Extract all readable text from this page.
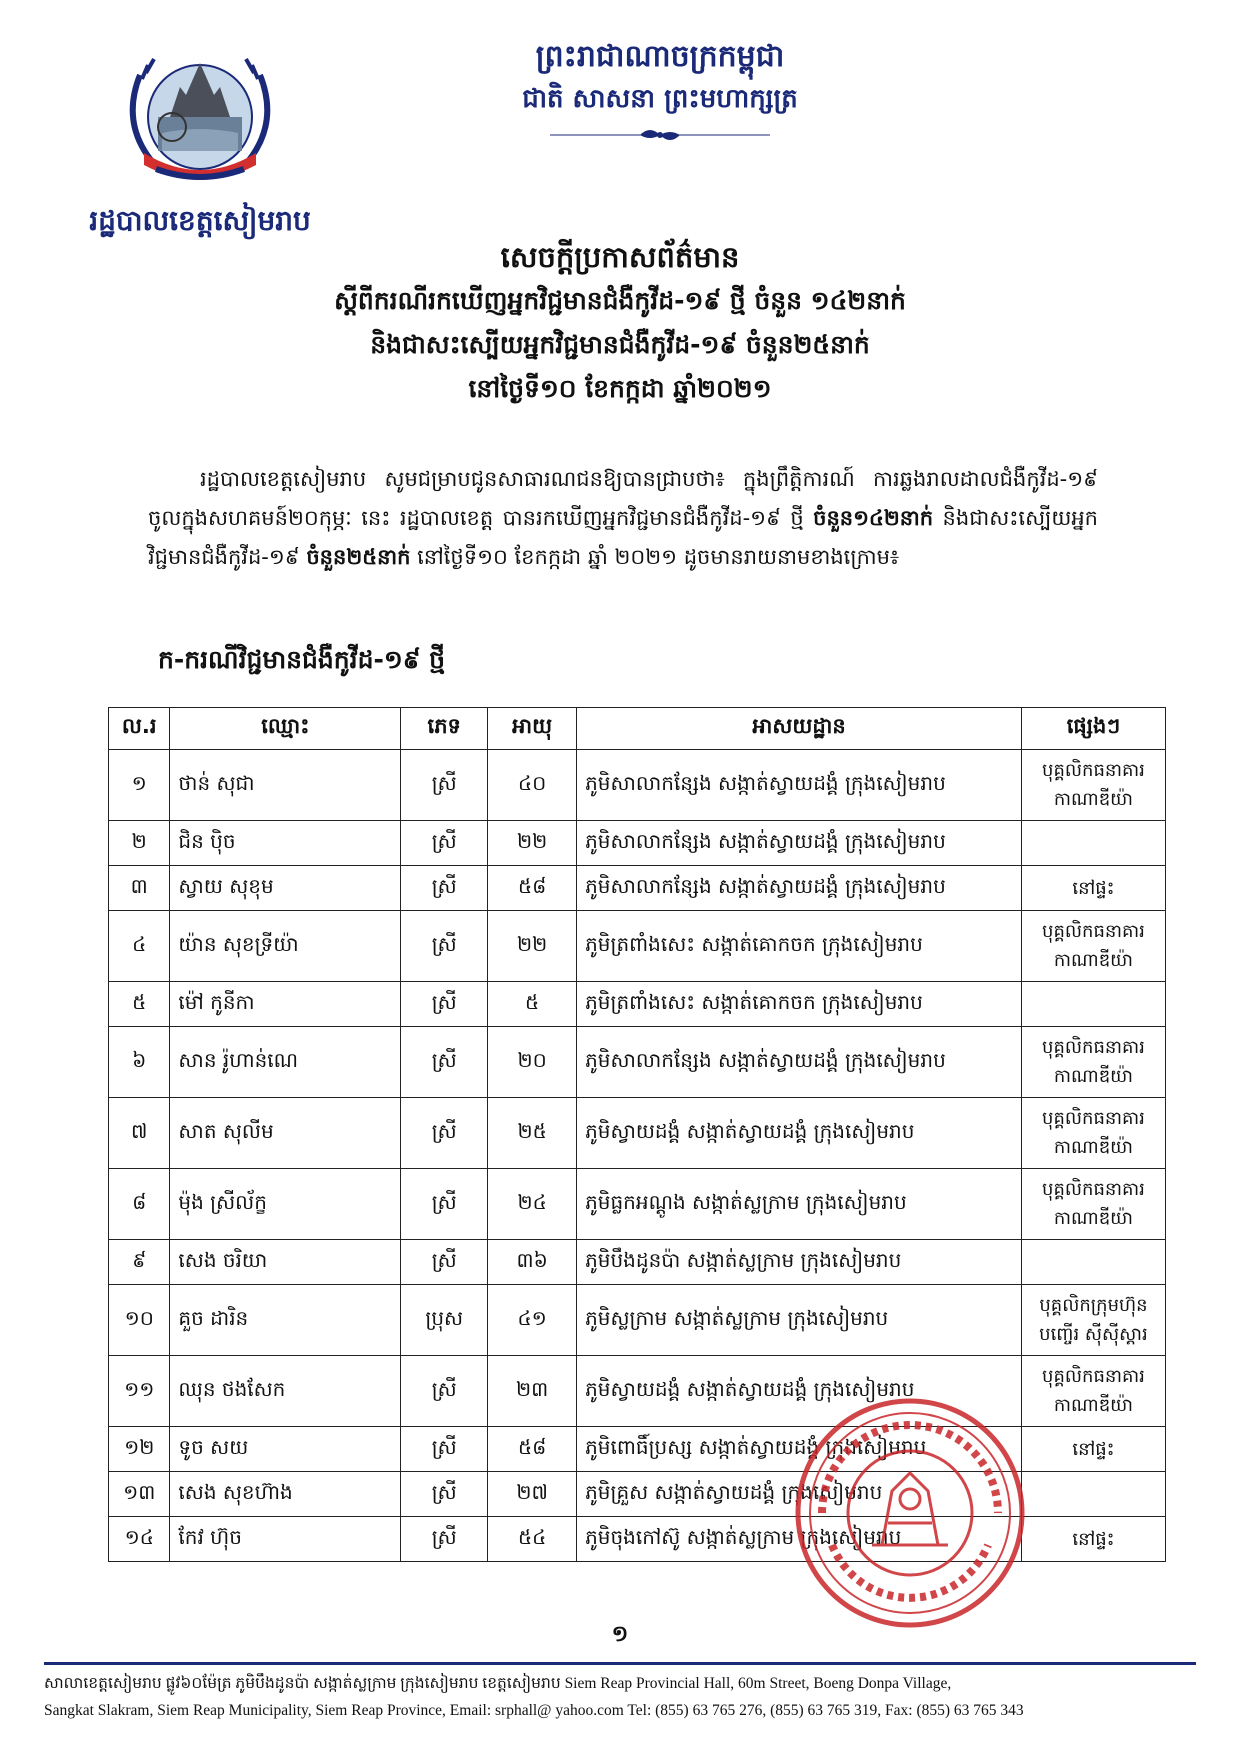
រដ្ឋបាលខេត្តសៀមរាប
ព្រះរាជាណាចក្រកម្ពុជា
ជាតិ សាសនា ព្រះមហាក្សត្រ
សេចក្តីប្រកាសព័ត៌មាន
ស្តីពីករណីរកឃើញអ្នកវិជ្ជមានជំងឺកូវីដ-១៩ ថ្មី ចំនួន ១៤២នាក់
និងជាសះស្បើយអ្នកវិជ្ជមានជំងឺកូវីដ-១៩ ចំនួន២៥នាក់
នៅថ្ងៃទី១០ ខែកក្កដា ឆ្នាំ២០២១
រដ្ឋបាលខេត្តសៀមរាប សូមជម្រាបជូនសាធារណជនឱ្យបានជ្រាបថា៖ ក្នុងព្រឹត្តិការណ៍ ការឆ្លងរាលដាលជំងឺកូវីដ-១៩ ចូលក្នុងសហគមន៍២០កុម្ភៈ នេះ រដ្ឋបាលខេត្ត បានរកឃើញអ្នកវិជ្ជមានជំងឺកូវីដ-១៩ ថ្មី ចំនួន១៤២នាក់ និងជាសះស្បើយអ្នកវិជ្ជមានជំងឺកូវីដ-១៩ ចំនួន២៥នាក់ នៅថ្ងៃទី១០ ខែកក្កដា ឆ្នាំ ២០២១ ដូចមានរាយនាមខាងក្រោម៖
ក-ករណីវិជ្ជមានជំងឺកូវីដ-១៩ ថ្មី
ល.រ	ឈ្មោះ	ភេទ	អាយុ	អាសយដ្ឋាន	ផ្សេងៗ
១	ថាន់ សុជា	ស្រី	៤០	ភូមិសាលាកន្សែង សង្កាត់ស្វាយដង្គំ ក្រុងសៀមរាប	បុគ្គលិកធនាគារ
កាណាឌីយ៉ា

២	ជិន ប៉ិច	ស្រី	២២	ភូមិសាលាកន្សែង សង្កាត់ស្វាយដង្គំ ក្រុងសៀមរាប	

៣	ស្វាយ សុខុម	ស្រី	៥៨	ភូមិសាលាកន្សែង សង្កាត់ស្វាយដង្គំ ក្រុងសៀមរាប	នៅផ្ទះ

៤	យ៉ាន សុខទ្រីយ៉ា	ស្រី	២២	ភូមិត្រពាំងសេះ សង្កាត់គោកចក ក្រុងសៀមរាប	បុគ្គលិកធនាគារ
កាណាឌីយ៉ា

៥	ម៉ៅ កូនីកា	ស្រី	៥	ភូមិត្រពាំងសេះ សង្កាត់គោកចក ក្រុងសៀមរាប	

៦	សាន រ៉ូហាន់ណេ	ស្រី	២០	ភូមិសាលាកន្សែង សង្កាត់ស្វាយដង្គំ ក្រុងសៀមរាប	បុគ្គលិកធនាគារ
កាណាឌីយ៉ា

៧	សាត សុលីម	ស្រី	២៥	ភូមិស្វាយដង្គំ សង្កាត់ស្វាយដង្គំ ក្រុងសៀមរាប	បុគ្គលិកធនាគារ
កាណាឌីយ៉ា

៨	ម៉ុង ស្រីល័ក្ខ	ស្រី	២៤	ភូមិធ្លកអណ្តូង សង្កាត់ស្លក្រាម ក្រុងសៀមរាប	បុគ្គលិកធនាគារ
កាណាឌីយ៉ា

៩	សេង ចរិយា	ស្រី	៣៦	ភូមិបឹងដូនប៉ា សង្កាត់ស្លក្រាម ក្រុងសៀមរាប	

១០	គួច ដារិន	ប្រុស	៤១	ភូមិស្លក្រាម សង្កាត់ស្លក្រាម ក្រុងសៀមរាប	បុគ្គលិកក្រុមហ៊ុន
បញ្ចើរ ស៊ីស៊ីស្តារ

១១	ឈុន ថងសែក	ស្រី	២៣	ភូមិស្វាយដង្គំ សង្កាត់ស្វាយដង្គំ ក្រុងសៀមរាប	បុគ្គលិកធនាគារ
កាណាឌីយ៉ា

១២	ទូច សយ	ស្រី	៥៨	ភូមិពោធិ៍ប្រស្ស សង្កាត់ស្វាយដង្គំ ក្រុងសៀមរាប	នៅផ្ទះ

១៣	សេង សុខហ៊ាង	ស្រី	២៧	ភូមិគ្រួស សង្កាត់ស្វាយដង្គំ ក្រុងសៀមរាប	

១៤	កែវ ហ៊ុច	ស្រី	៥៤	ភូមិចុងកៅស៊ូ សង្កាត់ស្លក្រាម ក្រុងសៀមរាប	នៅផ្ទះ
១
សាលាខេត្តសៀមរាប ផ្លូវ៦០ម៉ែត្រ ភូមិបឹងដូនប៉ា សង្កាត់ស្លក្រាម ក្រុងសៀមរាប ខេត្តសៀមរាប Siem Reap Provincial Hall, 60m Street, Boeng Donpa Village,
Sangkat Slakram, Siem Reap Municipality, Siem Reap Province, Email: srphall@ yahoo.com Tel: (855) 63 765 276, (855) 63 765 319, Fax: (855) 63 765 343
